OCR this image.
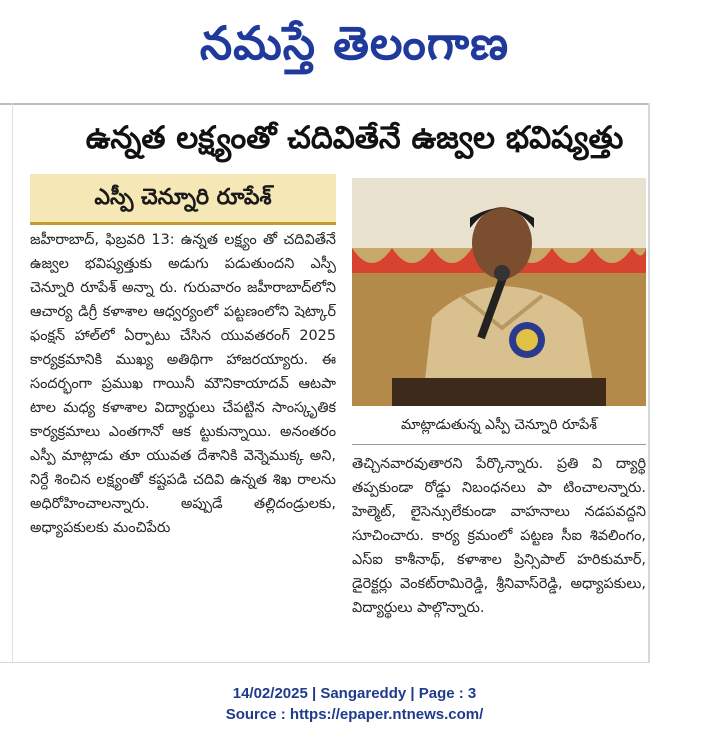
నమస్తే తెలంగాణ
ఉన్నత లక్ష్యంతో చదివితేనే ఉజ్వల భవిష్యత్తు
ఎస్పీ చెన్నూరి రూపేశ్
జహీరాబాద్, ఫిబ్రవరి 13: ఉన్నత లక్ష్యం తో చదివితేనే ఉజ్వల భవిష్యత్తుకు అడుగు పడుతుందని ఎస్పీ చెన్నూరి రూపేశ్ అన్నా రు. గురువారం జహీరాబాద్‌లోని ఆచార్య డిగ్రీ కళాశాల ఆధ్వర్యంలో పట్టణంలోని షెట్కార్ ఫంక్షన్ హాల్‌లో ఏర్పాటు చేసిన యువతరంగ్ 2025 కార్యక్రమానికి ముఖ్య అతిథిగా హాజరయ్యారు. ఈ సందర్భంగా ప్రముఖ గాయినీ మౌనికాయాదవ్ ఆటపా టాల మధ్య కళాశాల విద్యార్థులు చేపట్టిన సాంస్కృతిక కార్యక్రమాలు ఎంతగానో ఆక ట్టుకున్నాయి. అనంతరం ఎస్పీ మాట్లాడు తూ యువత దేశానికి వెన్నెముక్క అని, నిర్దే శించిన లక్ష్యంతో కష్టపడి చదివి ఉన్నత శిఖ రాలను అధిరోహించాలన్నారు. అప్పుడే తల్లిదండ్రులకు, అధ్యాపకులకు మంచిపేరు
మాట్లాడుతున్న ఎస్పీ చెన్నూరి రూపేశ్
తెచ్చినవారవుతారని పేర్కొన్నారు. ప్రతి వి ద్యార్థి తప్పకుండా రోడ్డు నిబంధనలు పా టించాలన్నారు. హెల్మెట్, లైసెన్సులేకుండా వాహనాలు నడపవద్దని సూచించారు. కార్య క్రమంలో పట్టణ సీఐ శివలింగం, ఎస్ఐ కాశీనాథ్, కళాశాల ప్రిన్సిపాల్ హరికుమార్, డైరెక్టర్లు వెంకట్‌రామిరెడ్డి, శ్రీనివాస్‌రెడ్డి, అధ్యాపకులు, విద్యార్థులు పాల్గొన్నారు.
14/02/2025 | Sangareddy | Page : 3
Source : https://epaper.ntnews.com/
